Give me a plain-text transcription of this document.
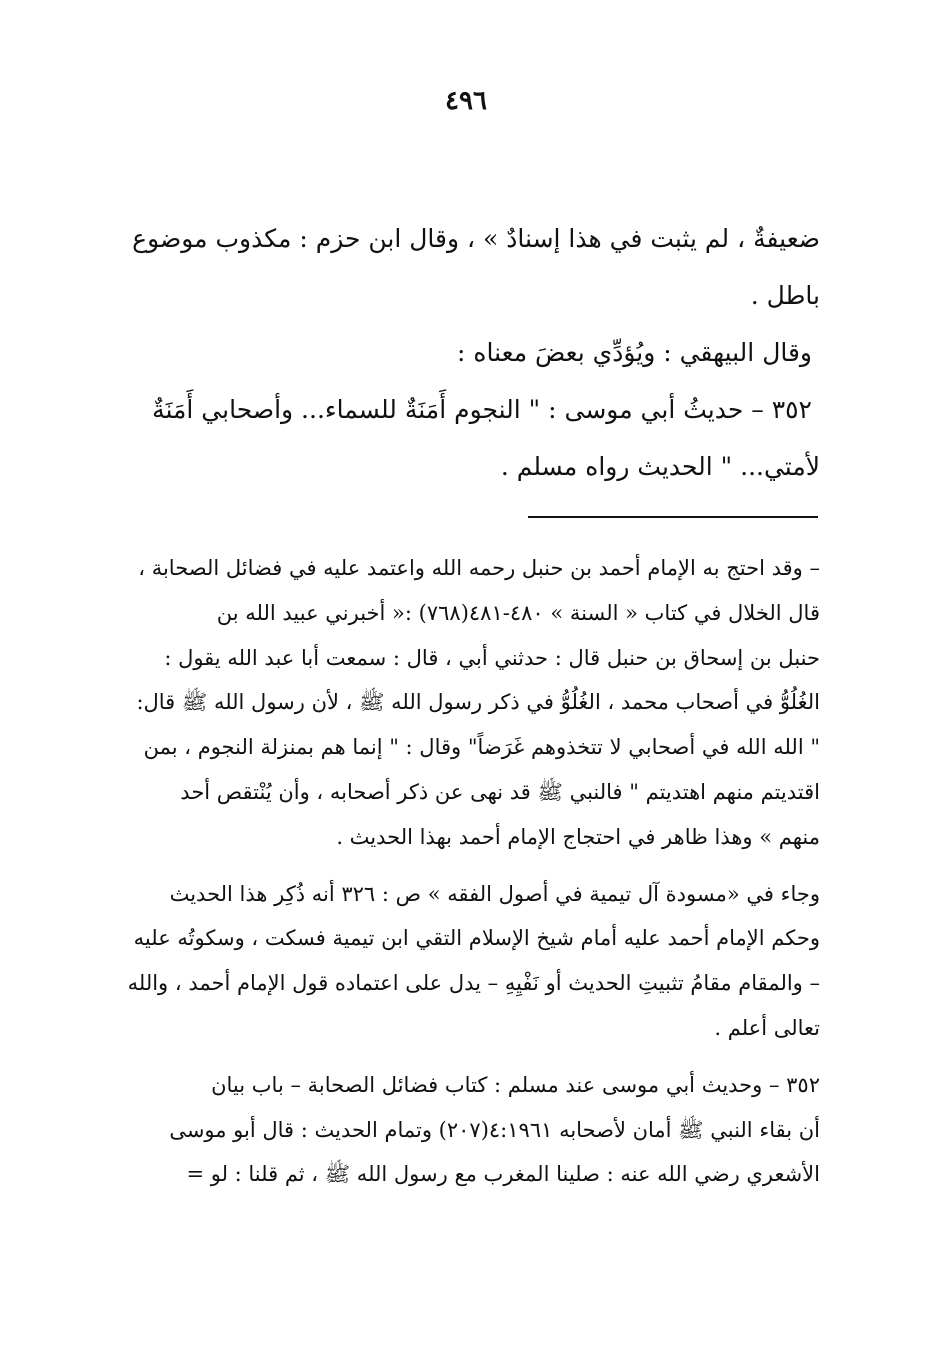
٤٩٦

ضعيفةٌ ، لم يثبت في هذا إسنادٌ » ، وقال ابن حزم : مكذوب موضوع

باطل .

وقال البيهقي : ويُؤدِّي بعضَ معناه :

٣٥٢ – حديثُ أبي موسى : " النجوم أَمَنَةٌ للسماء... وأصحابي أَمَنَةٌ

لأمتي... " الحديث رواه مسلم .

– وقد احتج به الإمام أحمد بن حنبل رحمه الله واعتمد عليه في فضائل الصحابة ،

قال الخلال في كتاب « السنة » ٤٨٠-٤٨١(٧٦٨) :« أخبرني عبيد الله بن

حنبل بن إسحاق بن حنبل قال : حدثني أبي ، قال : سمعت أبا عبد الله يقول :

الغُلُوُّ في أصحاب محمد ، الغُلُوُّ في ذكر رسول الله ﷺ ، لأن رسول الله ﷺ قال:

" الله الله في أصحابي لا تتخذوهم غَرَضاً" وقال : " إنما هم بمنزلة النجوم ، بمن

اقتديتم منهم اهتديتم " فالنبي ﷺ قد نهى عن ذكر أصحابه ، وأن يُنْتقص أحد

منهم » وهذا ظاهر في احتجاج الإمام أحمد بهذا الحديث .

وجاء في «مسودة آل تيمية في أصول الفقه » ص : ٣٢٦ أنه ذُكِر هذا الحديث

وحكم الإمام أحمد عليه أمام شيخ الإسلام التقي ابن تيمية فسكت ، وسكوتُه عليه

– والمقام مقامُ تثبيتِ الحديث أو نَفْيِهِ – يدل على اعتماده قول الإمام أحمد ، والله

تعالى أعلم .

٣٥٢ – وحديث أبي موسى عند مسلم : كتاب فضائل الصحابة – باب بيان

أن بقاء النبي ﷺ أمان لأصحابه ٤:١٩٦١(٢٠٧) وتمام الحديث : قال أبو موسى

الأشعري رضي الله عنه : صلينا المغرب مع رسول الله ﷺ ، ثم قلنا : لو =
